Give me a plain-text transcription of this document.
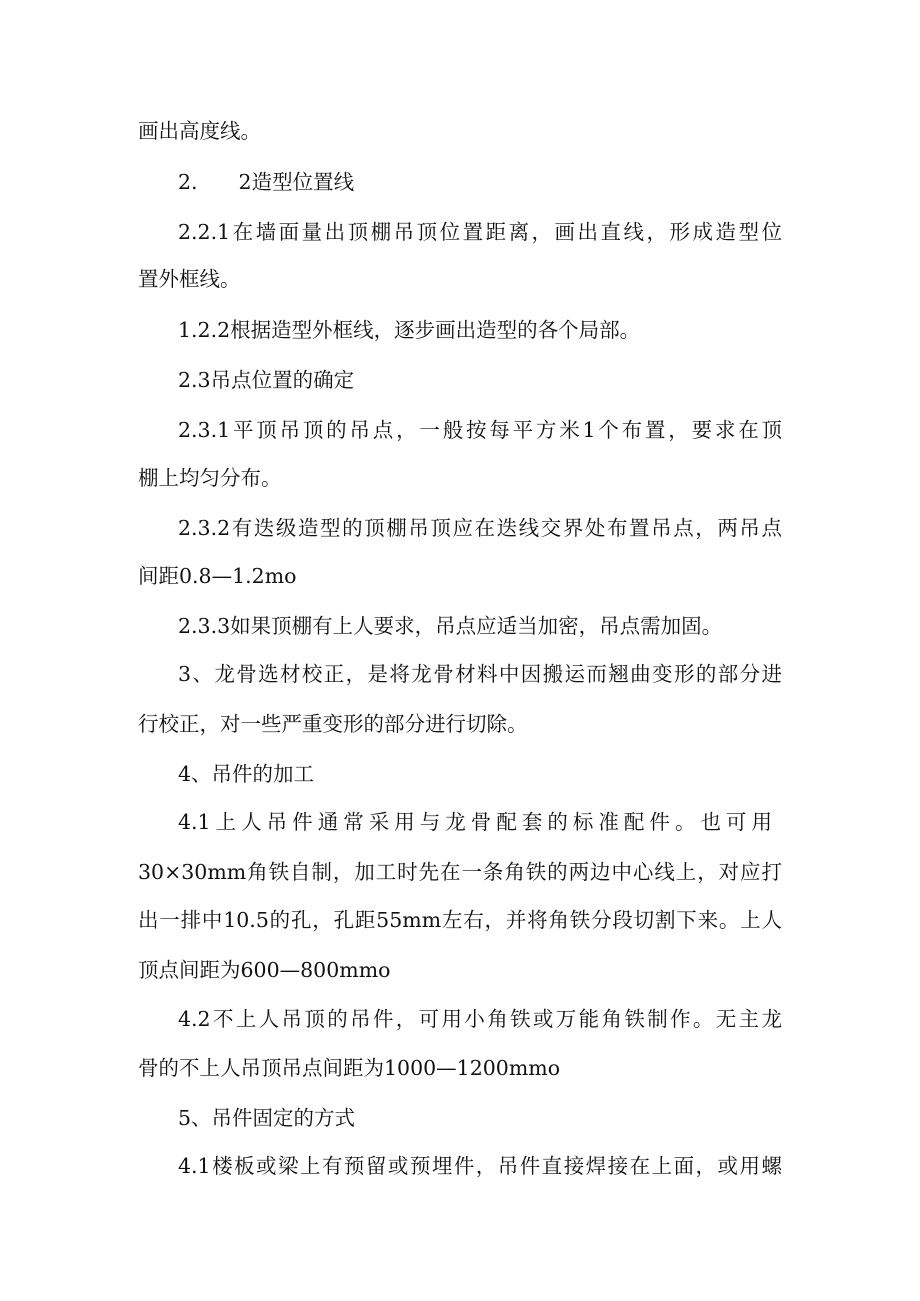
画出高度线。
2.　　2造型位置线
2.2.1在墙面量出顶棚吊顶位置距离，画出直线，形成造型位
置外框线。
1.2.2根据造型外框线，逐步画出造型的各个局部。
2.3吊点位置的确定
2.3.1平顶吊顶的吊点，一般按每平方米1个布置，要求在顶
棚上均匀分布。
2.3.2有迭级造型的顶棚吊顶应在迭线交界处布置吊点，两吊点
间距0.8—1.2mo
2.3.3如果顶棚有上人要求，吊点应适当加密，吊点需加固。
3、龙骨选材校正，是将龙骨材料中因搬运而翘曲变形的部分进
行校正，对一些严重变形的部分进行切除。
4、吊件的加工
4.1上人吊件通常采用与龙骨配套的标准配件。也可用
30×30mm角铁自制，加工时先在一条角铁的两边中心线上，对应打
出一排中10.5的孔，孔距55mm左右，并将角铁分段切割下来。上人
顶点间距为600—800mmo
4.2不上人吊顶的吊件，可用小角铁或万能角铁制作。无主龙
骨的不上人吊顶吊点间距为1000—1200mmo
5、吊件固定的方式
4.1楼板或梁上有预留或预埋件，吊件直接焊接在上面，或用螺
